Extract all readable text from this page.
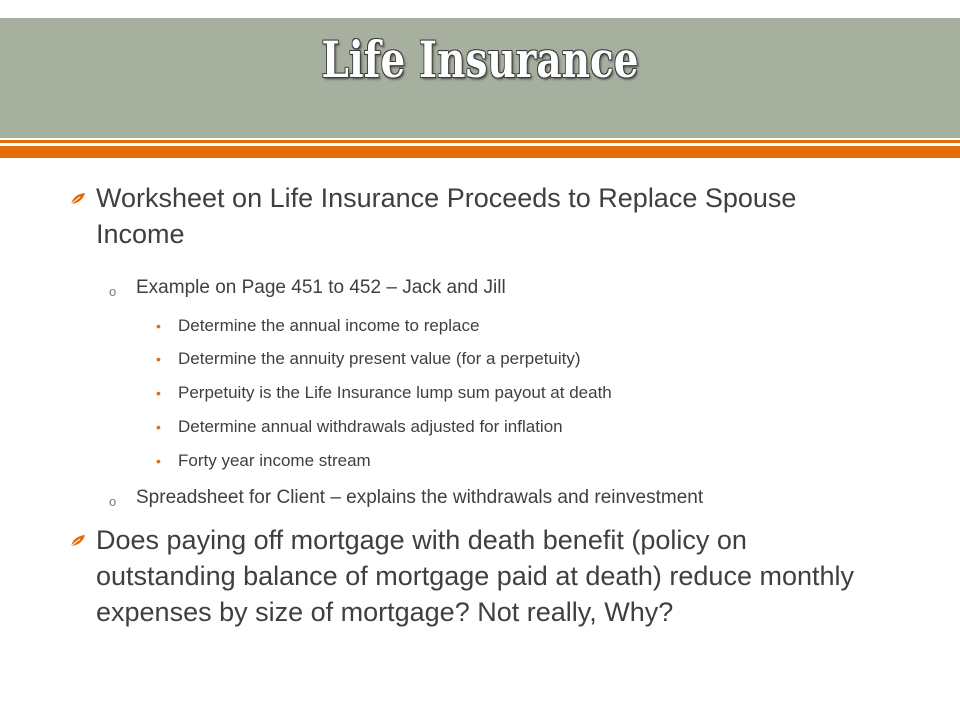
Life Insurance
Worksheet on Life Insurance Proceeds to Replace Spouse Income
o Example on Page 451 to 452 – Jack and Jill
• Determine the annual income to replace
• Determine the annuity present value (for a perpetuity)
• Perpetuity is the Life Insurance lump sum payout at death
• Determine annual withdrawals adjusted for inflation
• Forty year income stream
o Spreadsheet for Client – explains the withdrawals and reinvestment
Does paying off mortgage with death benefit (policy on outstanding balance of mortgage paid at death) reduce monthly expenses by size of mortgage? Not really, Why?
